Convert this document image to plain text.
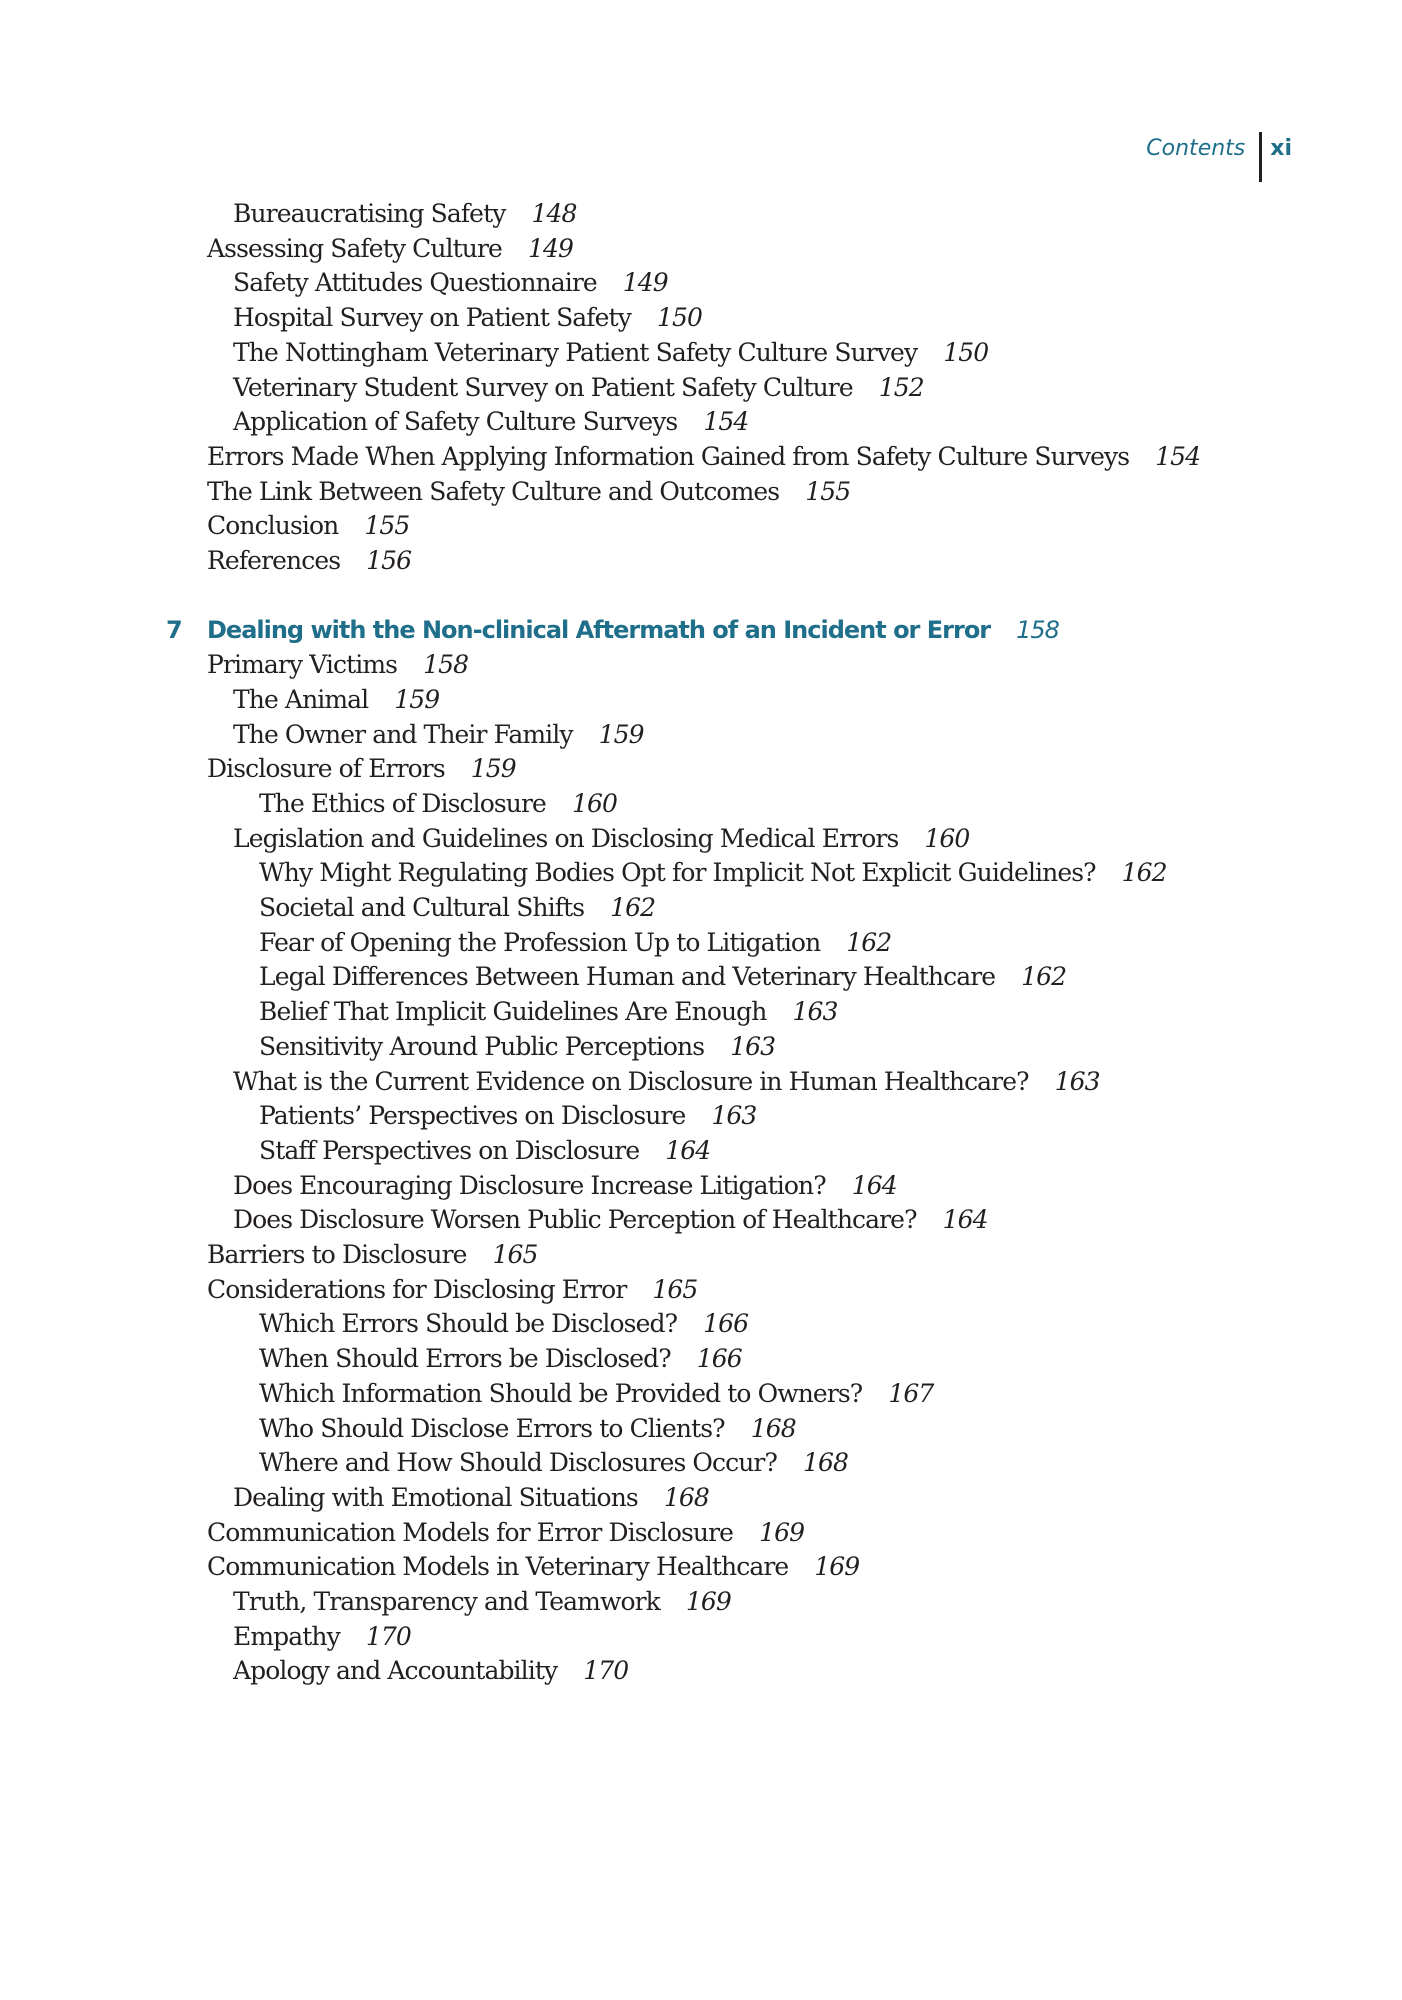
Contents	xi
Bureaucratising Safety 148
Assessing Safety Culture 149
Safety Attitudes Questionnaire 149
Hospital Survey on Patient Safety 150
The Nottingham Veterinary Patient Safety Culture Survey 150
Veterinary Student Survey on Patient Safety Culture 152
Application of Safety Culture Surveys 154
Errors Made When Applying Information Gained from Safety Culture Surveys 154
The Link Between Safety Culture and Outcomes 155
Conclusion 155
References 156
7 Dealing with the Non-clinical Aftermath of an Incident or Error 158
Primary Victims 158
The Animal 159
The Owner and Their Family 159
Disclosure of Errors 159
The Ethics of Disclosure 160
Legislation and Guidelines on Disclosing Medical Errors 160
Why Might Regulating Bodies Opt for Implicit Not Explicit Guidelines? 162
Societal and Cultural Shifts 162
Fear of Opening the Profession Up to Litigation 162
Legal Differences Between Human and Veterinary Healthcare 162
Belief That Implicit Guidelines Are Enough 163
Sensitivity Around Public Perceptions 163
What is the Current Evidence on Disclosure in Human Healthcare? 163
Patients’ Perspectives on Disclosure 163
Staff Perspectives on Disclosure 164
Does Encouraging Disclosure Increase Litigation? 164
Does Disclosure Worsen Public Perception of Healthcare? 164
Barriers to Disclosure 165
Considerations for Disclosing Error 165
Which Errors Should be Disclosed? 166
When Should Errors be Disclosed? 166
Which Information Should be Provided to Owners? 167
Who Should Disclose Errors to Clients? 168
Where and How Should Disclosures Occur? 168
Dealing with Emotional Situations 168
Communication Models for Error Disclosure 169
Communication Models in Veterinary Healthcare 169
Truth, Transparency and Teamwork 169
Empathy 170
Apology and Accountability 170
